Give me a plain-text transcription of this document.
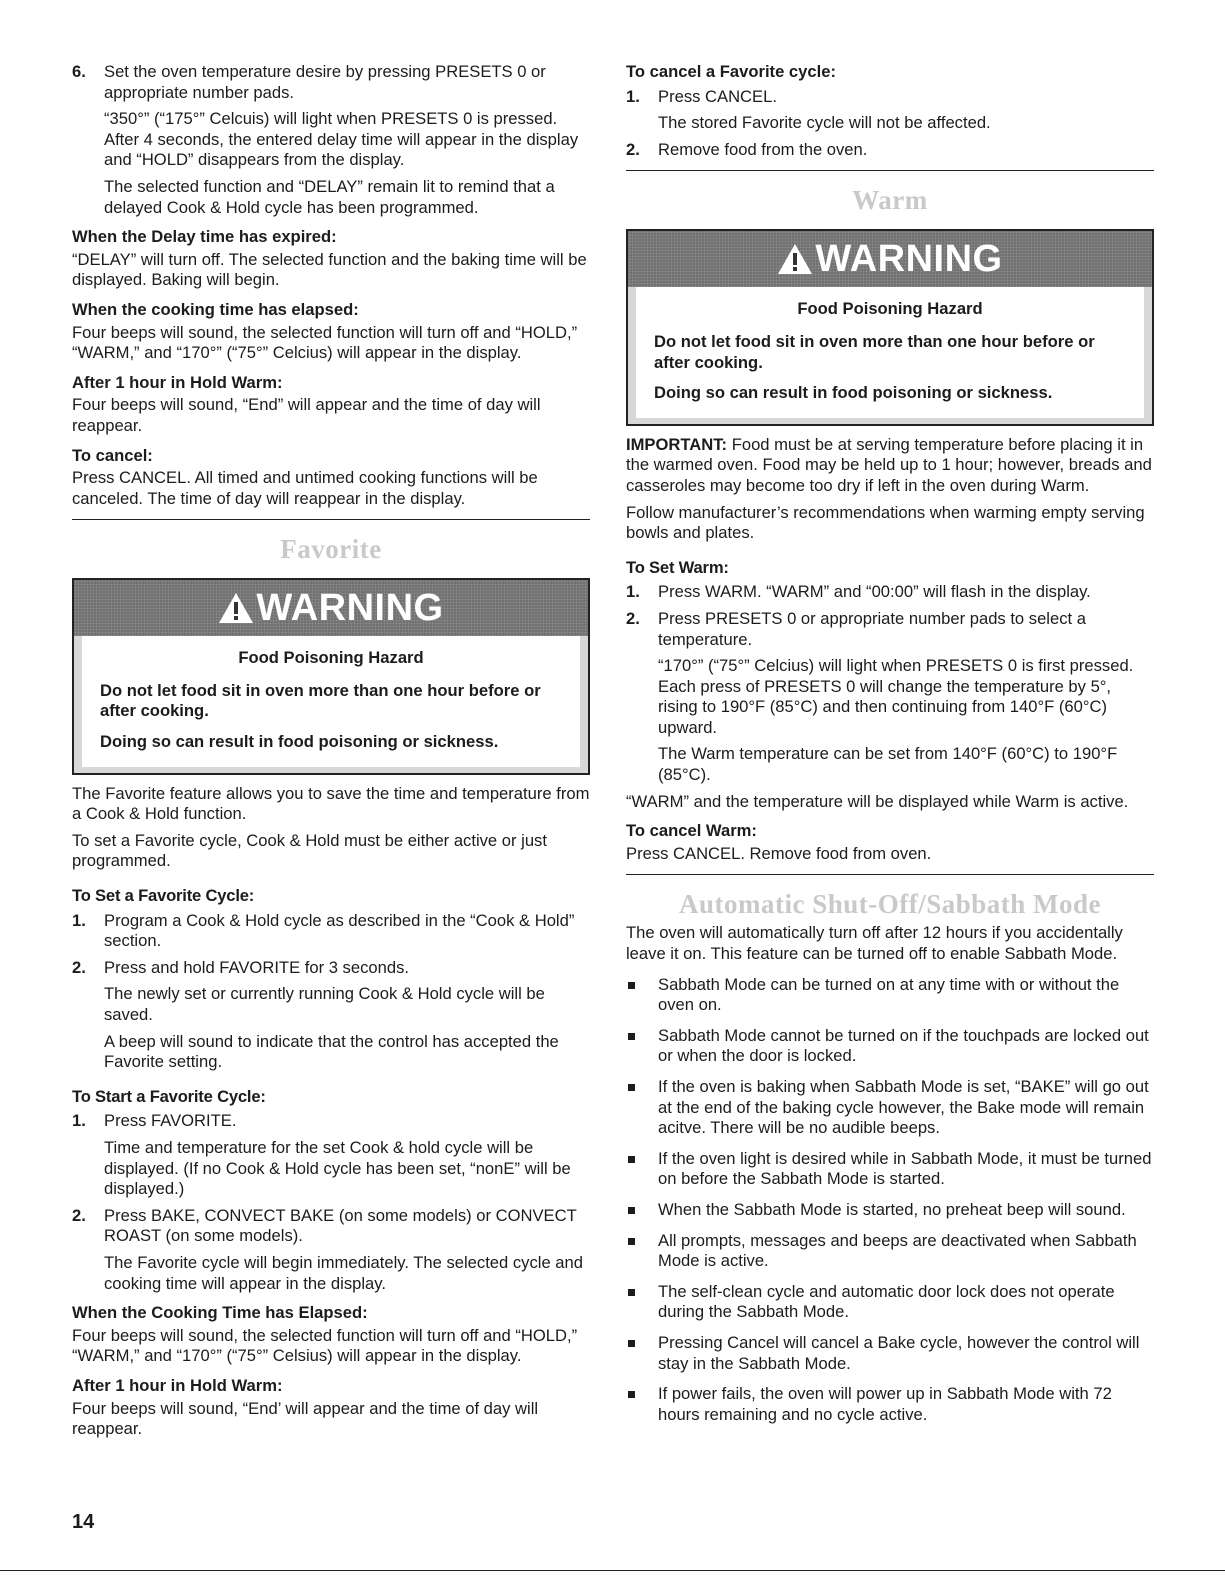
6. Set the oven temperature desire by pressing PRESETS 0 or appropriate number pads.
“350°” (“175°” Celcuis) will light when PRESETS 0 is pressed. After 4 seconds, the entered delay time will appear in the display and “HOLD” disappears from the display.
The selected function and “DELAY” remain lit to remind that a delayed Cook & Hold cycle has been programmed.
When the Delay time has expired:
“DELAY” will turn off. The selected function and the baking time will be displayed. Baking will begin.
When the cooking time has elapsed:
Four beeps will sound, the selected function will turn off and “HOLD,” “WARM,” and “170°” (“75°” Celcius) will appear in the display.
After 1 hour in Hold Warm:
Four beeps will sound, “End” will appear and the time of day will reappear.
To cancel:
Press CANCEL. All timed and untimed cooking functions will be canceled. The time of day will reappear in the display.
Favorite
WARNING
Food Poisoning Hazard
Do not let food sit in oven more than one hour before or after cooking.
Doing so can result in food poisoning or sickness.
The Favorite feature allows you to save the time and temperature from a Cook & Hold function.
To set a Favorite cycle, Cook & Hold must be either active or just programmed.
To Set a Favorite Cycle:
1. Program a Cook & Hold cycle as described in the “Cook & Hold” section.
2. Press and hold FAVORITE for 3 seconds.
The newly set or currently running Cook & Hold cycle will be saved.
A beep will sound to indicate that the control has accepted the Favorite setting.
To Start a Favorite Cycle:
1. Press FAVORITE.
Time and temperature for the set Cook & hold cycle will be displayed. (If no Cook & Hold cycle has been set, “nonE” will be displayed.)
2. Press BAKE, CONVECT BAKE (on some models) or CONVECT ROAST (on some models).
The Favorite cycle will begin immediately. The selected cycle and cooking time will appear in the display.
When the Cooking Time has Elapsed:
Four beeps will sound, the selected function will turn off and “HOLD,” “WARM,” and “170°” (“75°” Celsius) will appear in the display.
After 1 hour in Hold Warm:
Four beeps will sound, “End’ will appear and the time of day will reappear.
To cancel a Favorite cycle:
1. Press CANCEL.
The stored Favorite cycle will not be affected.
2. Remove food from the oven.
Warm
WARNING
Food Poisoning Hazard
Do not let food sit in oven more than one hour before or after cooking.
Doing so can result in food poisoning or sickness.
IMPORTANT: Food must be at serving temperature before placing it in the warmed oven. Food may be held up to 1 hour; however, breads and casseroles may become too dry if left in the oven during Warm.
Follow manufacturer’s recommendations when warming empty serving bowls and plates.
To Set Warm:
1. Press WARM. “WARM” and “00:00” will flash in the display.
2. Press PRESETS 0 or appropriate number pads to select a temperature.
“170°” (“75°” Celcius) will light when PRESETS 0 is first pressed. Each press of PRESETS 0 will change the temperature by 5°, rising to 190°F (85°C) and then continuing from 140°F (60°C) upward.
The Warm temperature can be set from 140°F (60°C) to 190°F (85°C).
“WARM” and the temperature will be displayed while Warm is active.
To cancel Warm:
Press CANCEL. Remove food from oven.
Automatic Shut-Off/Sabbath Mode
The oven will automatically turn off after 12 hours if you accidentally leave it on. This feature can be turned off to enable Sabbath Mode.
Sabbath Mode can be turned on at any time with or without the oven on.
Sabbath Mode cannot be turned on if the touchpads are locked out or when the door is locked.
If the oven is baking when Sabbath Mode is set, “BAKE” will go out at the end of the baking cycle however, the Bake mode will remain acitve. There will be no audible beeps.
If the oven light is desired while in Sabbath Mode, it must be turned on before the Sabbath Mode is started.
When the Sabbath Mode is started, no preheat beep will sound.
All prompts, messages and beeps are deactivated when Sabbath Mode is active.
The self-clean cycle and automatic door lock does not operate during the Sabbath Mode.
Pressing Cancel will cancel a Bake cycle, however the control will stay in the Sabbath Mode.
If power fails, the oven will power up in Sabbath Mode with 72 hours remaining and no cycle active.
14
